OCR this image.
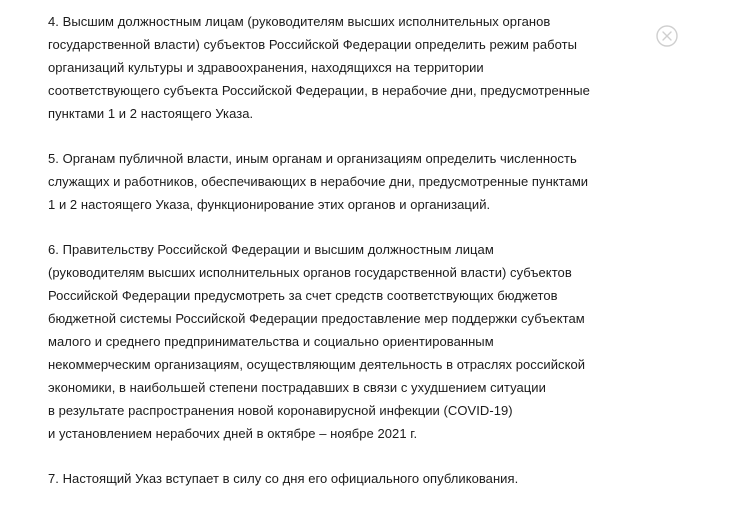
4. Высшим должностным лицам (руководителям высших исполнительных органов
государственной власти) субъектов Российской Федерации определить режим работы
организаций культуры и здравоохранения, находящихся на территории
соответствующего субъекта Российской Федерации, в нерабочие дни, предусмотренные
пунктами 1 и 2 настоящего Указа.

5. Органам публичной власти, иным органам и организациям определить численность
служащих и работников, обеспечивающих в нерабочие дни, предусмотренные пунктами
1 и 2 настоящего Указа, функционирование этих органов и организаций.

6. Правительству Российской Федерации и высшим должностным лицам
(руководителям высших исполнительных органов государственной власти) субъектов
Российской Федерации предусмотреть за счет средств соответствующих бюджетов
бюджетной системы Российской Федерации предоставление мер поддержки субъектам
малого и среднего предпринимательства и социально ориентированным
некоммерческим организациям, осуществляющим деятельность в отраслях российской
экономики, в наибольшей степени пострадавших в связи с ухудшением ситуации
в результате распространения новой коронавирусной инфекции (COVID-19)
и установлением нерабочих дней в октябре – ноябре 2021 г.

7. Настоящий Указ вступает в силу со дня его официального опубликования.
